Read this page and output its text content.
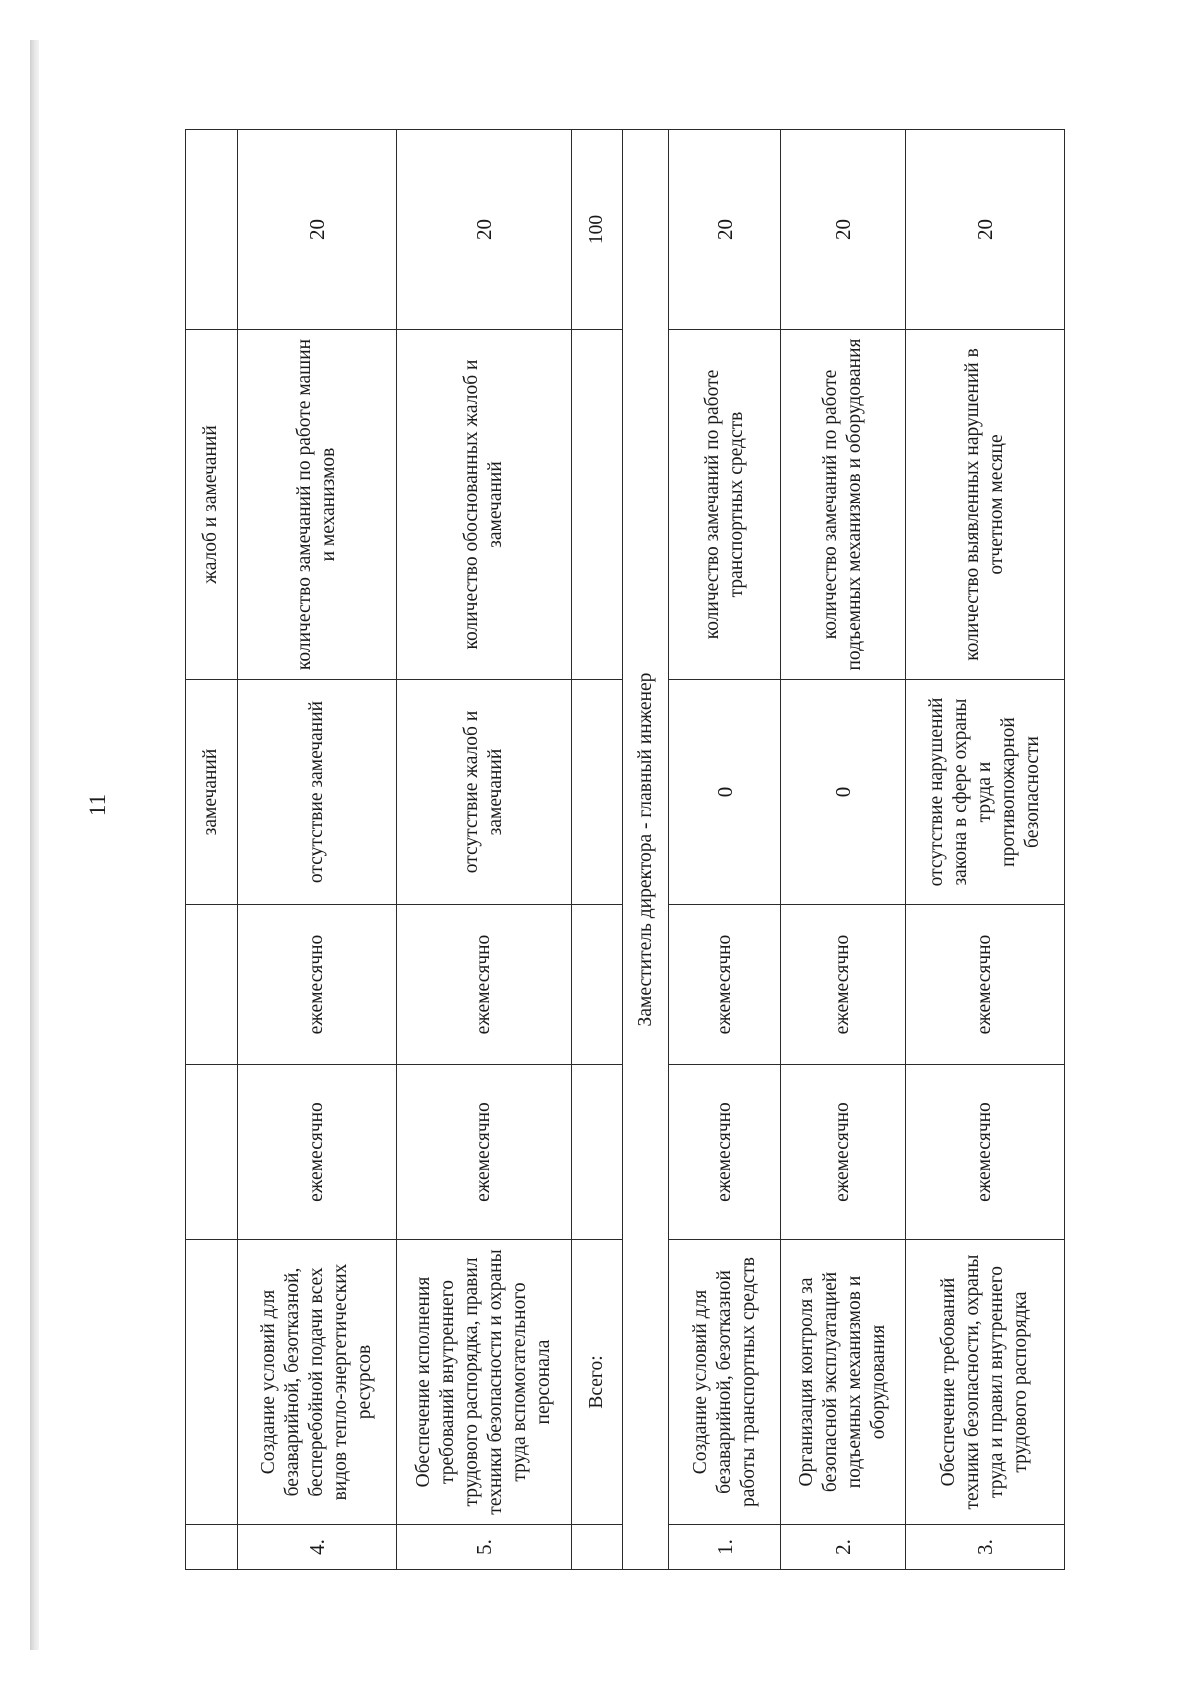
11
					замечаний	жалоб и замечаний	
4.	Создание условий для безаварийной, безотказной, бесперебойной подачи всех видов тепло-энергетических ресурсов	ежемесячно	ежемесячно	отсутствие замечаний	количество замечаний по работе машин и механизмов	20
5.	Обеспечение исполнения требований внутреннего трудового распорядка, правил техники безопасности и охраны труда вспомогательного персонала	ежемесячно	ежемесячно	отсутствие жалоб и замечаний	количество обоснованных жалоб и замечаний	20
	Всего:					100
Заместитель директора - главный инженер						
1.	Создание условий для безаварийной, безотказной работы транспортных средств	ежемесячно	ежемесячно	0	количество замечаний по работе транспортных средств	20
2.	Организация контроля за безопасной эксплуатацией подъемных механизмов и оборудования	ежемесячно	ежемесячно	0	количество замечаний по работе подъемных механизмов и оборудования	20
3.	Обеспечение требований техники безопасности, охраны труда и правил внутреннего трудового распорядка	ежемесячно	ежемесячно	отсутствие нарушений закона в сфере охраны труда и противопожарной безопасности	количество выявленных нарушений в отчетном месяце	20
